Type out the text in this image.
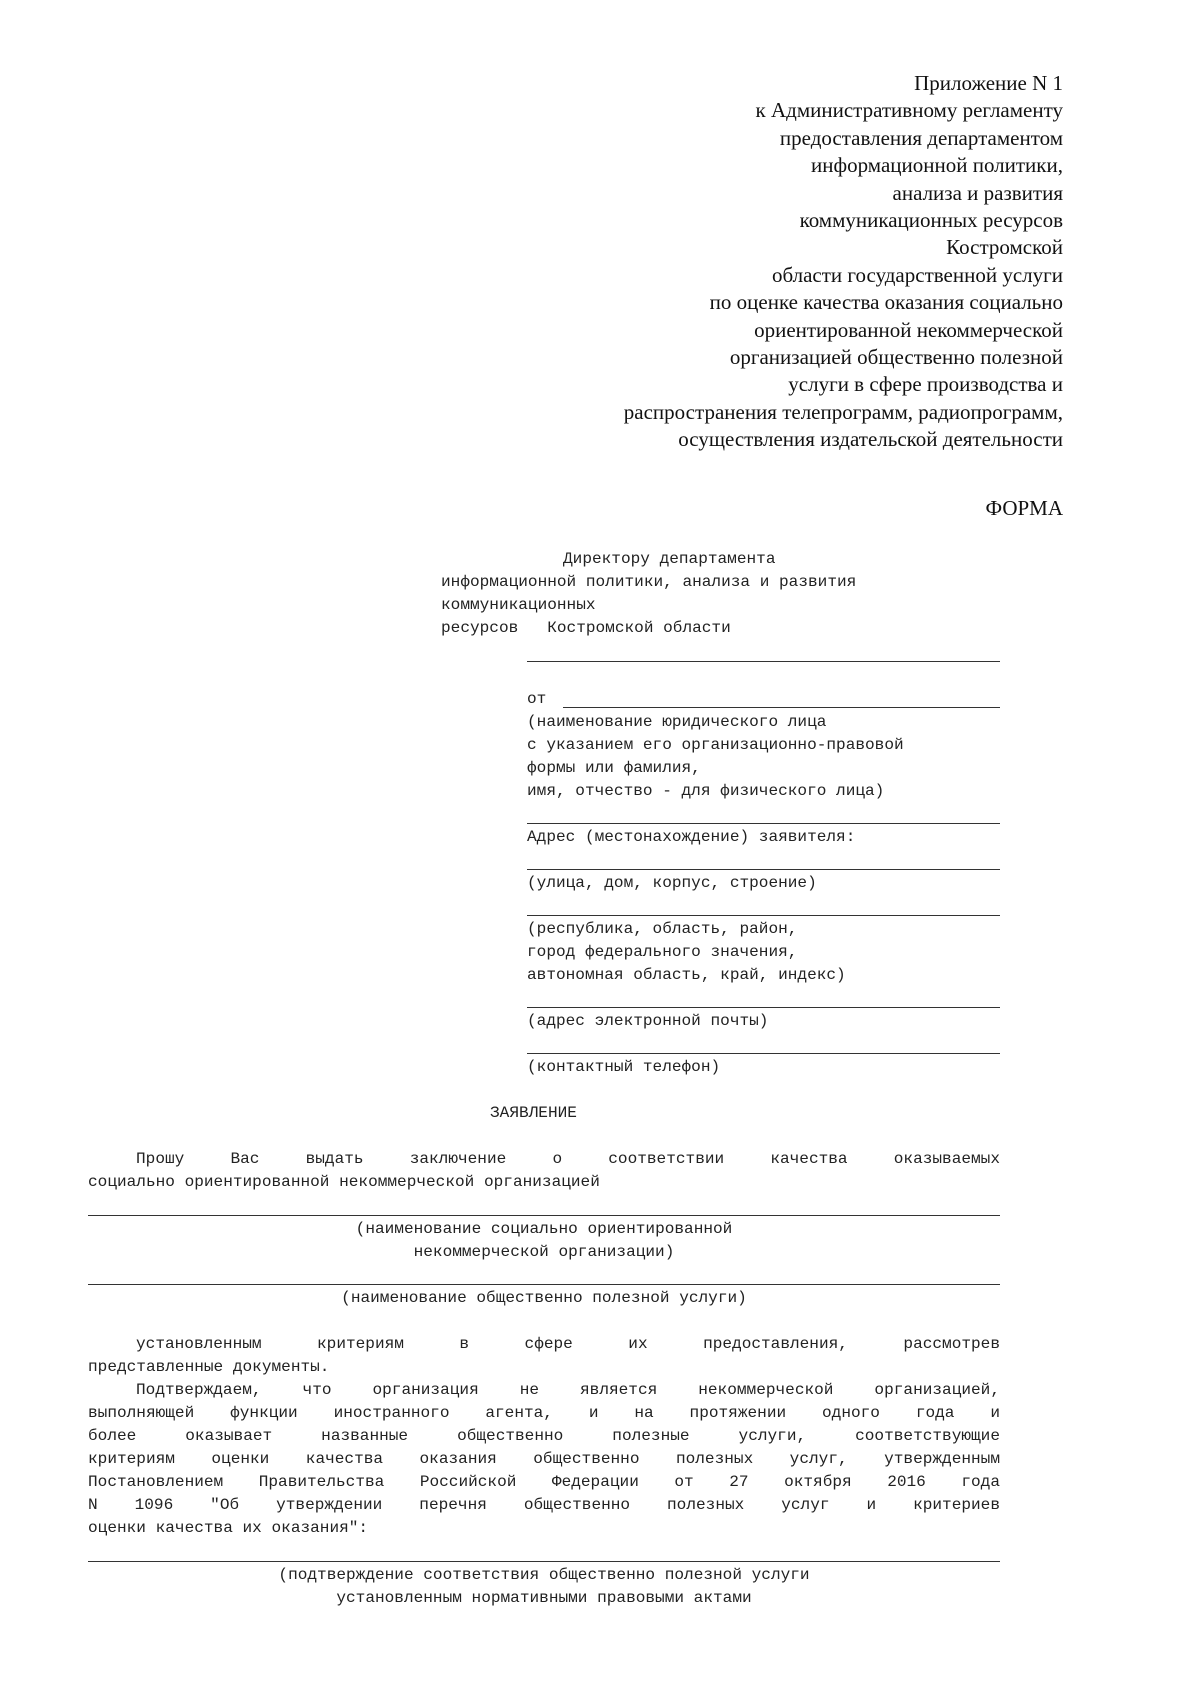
Приложение N 1
к Административному регламенту
предоставления департаментом
информационной политики,
анализа и развития
коммуникационных ресурсов
Костромской
области государственной услуги
по оценке качества оказания социально
ориентированной некоммерческой
организацией общественно полезной
услуги в сфере производства и
распространения телепрограмм, радиопрограмм,
осуществления издательской деятельности
ФОРМА

Директору департамента

информационной политики, анализа и развития

коммуникационных

ресурсов   Костромской области

от

(наименование юридического лица

с указанием его организационно-правовой

формы или фамилия,

имя, отчество - для физического лица)

Адрес (местонахождение) заявителя:

(улица, дом, корпус, строение)

(республика, область, район,

город федерального значения,

автономная область, край, индекс)

(адрес электронной почты)

(контактный телефон)

ЗАЯВЛЕНИЕ

Прошу Вас выдать заключение о соответствии качества оказываемых

социально ориентированной некоммерческой организацией

(наименование социально ориентированной

некоммерческой организации)

(наименование общественно полезной услуги)

установленным критериям в сфере их предоставления, рассмотрев

представленные документы.

Подтверждаем, что организация не является некоммерческой организацией,

выполняющей функции иностранного агента, и на протяжении одного года и

более оказывает названные общественно полезные услуги, соответствующие

критериям оценки качества оказания общественно полезных услуг, утвержденным

Постановлением Правительства Российской Федерации от 27 октября 2016 года

N 1096 "Об утверждении перечня общественно полезных услуг и критериев

оценки качества их оказания":

(подтверждение соответствия общественно полезной услуги

установленным нормативными правовыми актами
